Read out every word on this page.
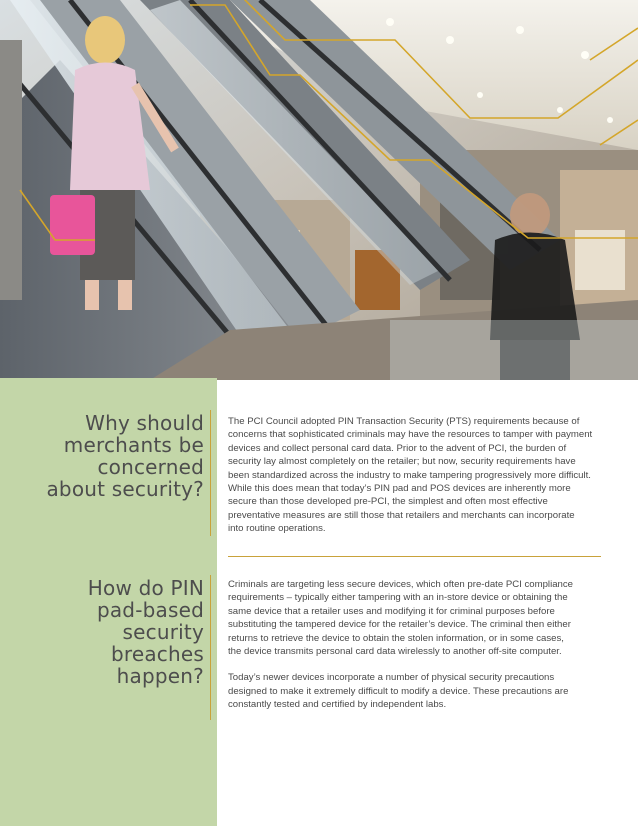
Why should
merchants be
concerned
about security?

The PCI Council adopted PIN Transaction Security (PTS) requirements because of
concerns that sophisticated criminals may have the resources to tamper with payment
devices and collect personal card data. Prior to the advent of PCI, the burden of
security lay almost completely on the retailer; but now, security requirements have
been standardized across the industry to make tampering progressively more difficult.
While this does mean that today’s PIN pad and POS devices are inherently more
secure than those developed pre-PCI, the simplest and often most effective
preventative measures are still those that retailers and merchants can incorporate
into routine operations.

How do PIN
pad-based
security
breaches
happen?

Criminals are targeting less secure devices, which often pre-date PCI compliance
requirements – typically either tampering with an in-store device or obtaining the
same device that a retailer uses and modifying it for criminal purposes before
substituting the tampered device for the retailer’s device. The criminal then either
returns to retrieve the device to obtain the stolen information, or in some cases,
the device transmits personal card data wirelessly to another off-site computer.

Today’s newer devices incorporate a number of physical security precautions
designed to make it extremely difficult to modify a device. These precautions are
constantly tested and certified by independent labs.
